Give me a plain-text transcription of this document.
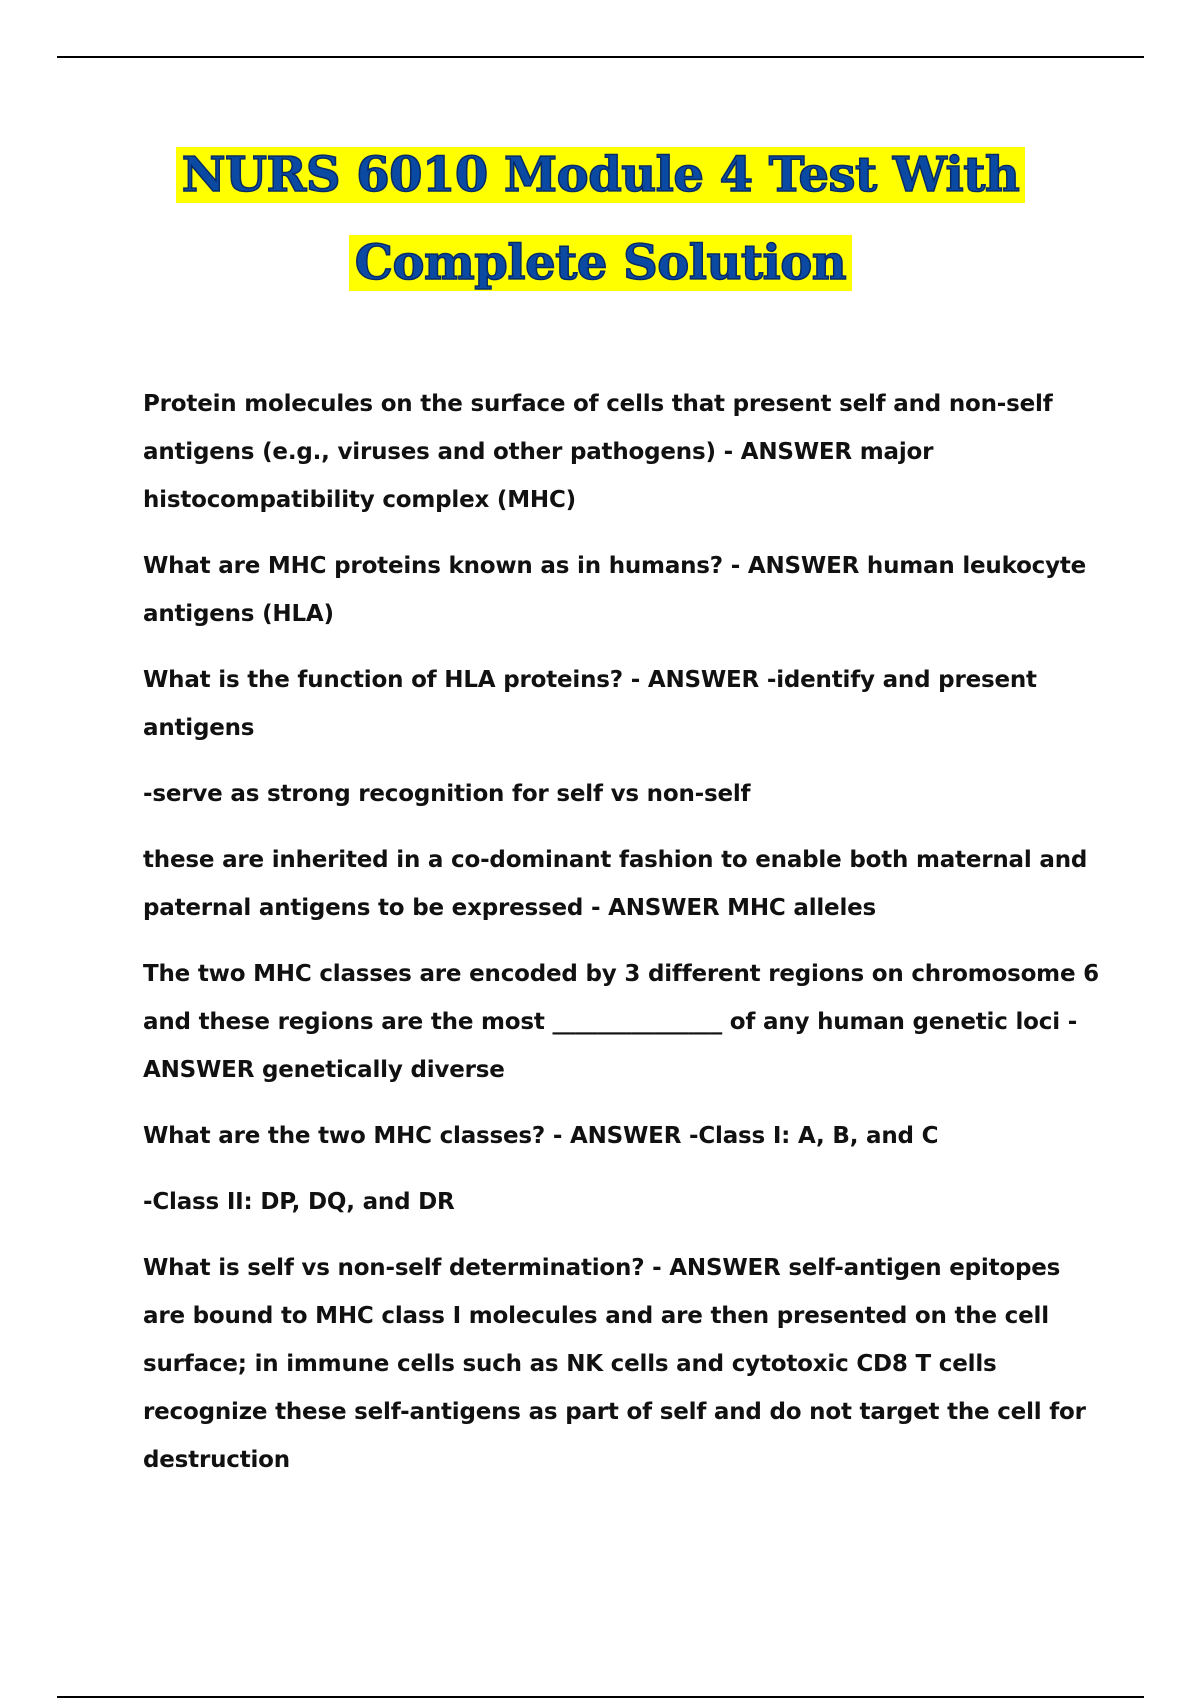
NURS 6010 Module 4 Test With
Complete Solution

Protein molecules on the surface of cells that present self and non-self antigens (e.g., viruses and other pathogens) - ANSWER major histocompatibility complex (MHC)

What are MHC proteins known as in humans? - ANSWER human leukocyte antigens (HLA)

What is the function of HLA proteins? - ANSWER -identify and present antigens

-serve as strong recognition for self vs non-self

these are inherited in a co-dominant fashion to enable both maternal and paternal antigens to be expressed - ANSWER MHC alleles

The two MHC classes are encoded by 3 different regions on chromosome 6 and these regions are the most _______________ of any human genetic loci - ANSWER genetically diverse

What are the two MHC classes? - ANSWER -Class I: A, B, and C

-Class II: DP, DQ, and DR

What is self vs non-self determination? - ANSWER self-antigen epitopes are bound to MHC class I molecules and are then presented on the cell surface; in immune cells such as NK cells and cytotoxic CD8 T cells recognize these self-antigens as part of self and do not target the cell for destruction
